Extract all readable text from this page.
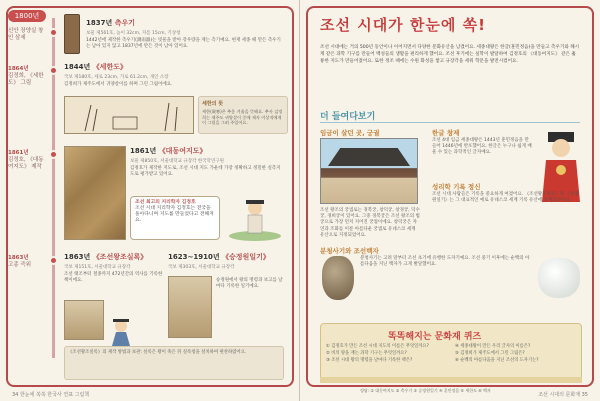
1800년
신안 장양실 창인 삼세
1864년
김정희, 《세한도》 그림
1861년
김정호, 《대동여지도》 제작
1863년
고종 즉위
1837년 측우기
보물 제561호, 높이 32cm, 지름 15cm, 기상청
1442년에 제작한 측우기(測雨器)는 빗물을 받아 강우량을 재는 측기예요. 현재 세종 때 만든 측우기는 남아 있지 않고 1837년에 만든 것이 남아 있어요.
1844년 《세한도》
국보 제180호, 세로 23cm, 가로 61.2cm, 개인 소장
김정희가 제주도에서 귀양살이를 하며 그린 그림이에요.
세한의 뜻
세한(歲寒)은 추운 겨울을 뜻해요. 추사 김정희는 제주도 귀양살이 중에 제자 이상적에게 이 그림을 그려 주었어요.
1861년 《대동여지도》
보물 제850호, 서울대학교 규장각 한국학연구원
김정호가 제작한 지도로, 조선 시대 지도 가운데 가장 정확하고 정밀한 실측지도로 평가받고 있어요.
조선 최고의 지리학자 김정호
조선 시대 지리학자 김정호는 전국을 돌아다니며 지도를 만들었다고 전해져요.
1863년 《조선왕조실록》
국보 제151호, 서울대학교 규장각
조선 태조부터 철종까지 472년간의 역사를 기록한 책이에요.
1623~1910년 《승정원일기》
국보 제303호, 서울대학교 규장각
승정원에서 왕의 명령과 보고를 날마다 기록한 일기예요.
《조선왕조실록》의 제작 방법과 보관: 실록은 왕이 죽은 뒤 실록청을 설치하여 편찬하였어요.
34 한눈에 쏙쏙 한국사 연표 그림책
조선 시대가 한눈에 쏙!
조선 시대에는 거의 500년 동안이나 이어지면서 다양한 문화유산을 남겼어요. 세종대왕은 한글(훈민정음)을 만들고 측우기와 해시계 같은 과학 기구를 만들어 백성들의 생활을 편리하게 했어요. 조선 후기에는 실학이 발달하여 김정호의 《대동여지도》 같은 훌륭한 지도가 만들어졌어요. 또한 정조 때에는 수원 화성을 쌓고 규장각을 세워 학문을 발전시켰어요.
더 들여다보기
임금이 살던 곳, 궁궐
조선 왕조의 궁궐로는 경복궁, 창덕궁, 창경궁, 덕수궁, 경희궁이 있어요. 그중 경복궁은 조선 왕조의 법궁으로 가장 먼저 지어진 궁궐이에요. 창덕궁은 자연과 조화를 이룬 아름다운 궁궐로 유네스코 세계 유산으로 지정되었어요.
한글 창제
조선 4대 임금 세종대왕은 1443년 훈민정음을 만들어 1446년에 반포했어요. 한글은 누구나 쉽게 배울 수 있는 과학적인 글자예요.
성리학 기록 정신
조선 시대 사람들은 기록을 중요하게 여겼어요. 《조선왕조실록》과 《승정원일기》는 그 대표적인 예로 유네스코 세계 기록 유산에 등재되었어요.
분청사기와 조선백자
분청사기는 고려 말부터 조선 초기에 유행한 도자기예요. 조선 중기 이후에는 순백의 아름다움을 지닌 백자가 크게 발달했어요.
똑똑해지는 문화재 퀴즈
① 김정호가 만든 조선 시대 지도의 이름은 무엇일까요?
② 비의 양을 재는 과학 기구는 무엇일까요?
③ 조선 시대 왕의 명령을 날마다 기록한 책은?
④ 세종대왕이 만든 우리 글자의 이름은?
⑤ 김정희가 제주도에서 그린 그림은?
⑥ 순백의 아름다움을 지닌 조선의 도자기는?
정답: ① 대동여지도 ② 측우기 ③ 승정원일기 ④ 훈민정음 ⑤ 세한도 ⑥ 백자
조선 시대의 문화재 35
